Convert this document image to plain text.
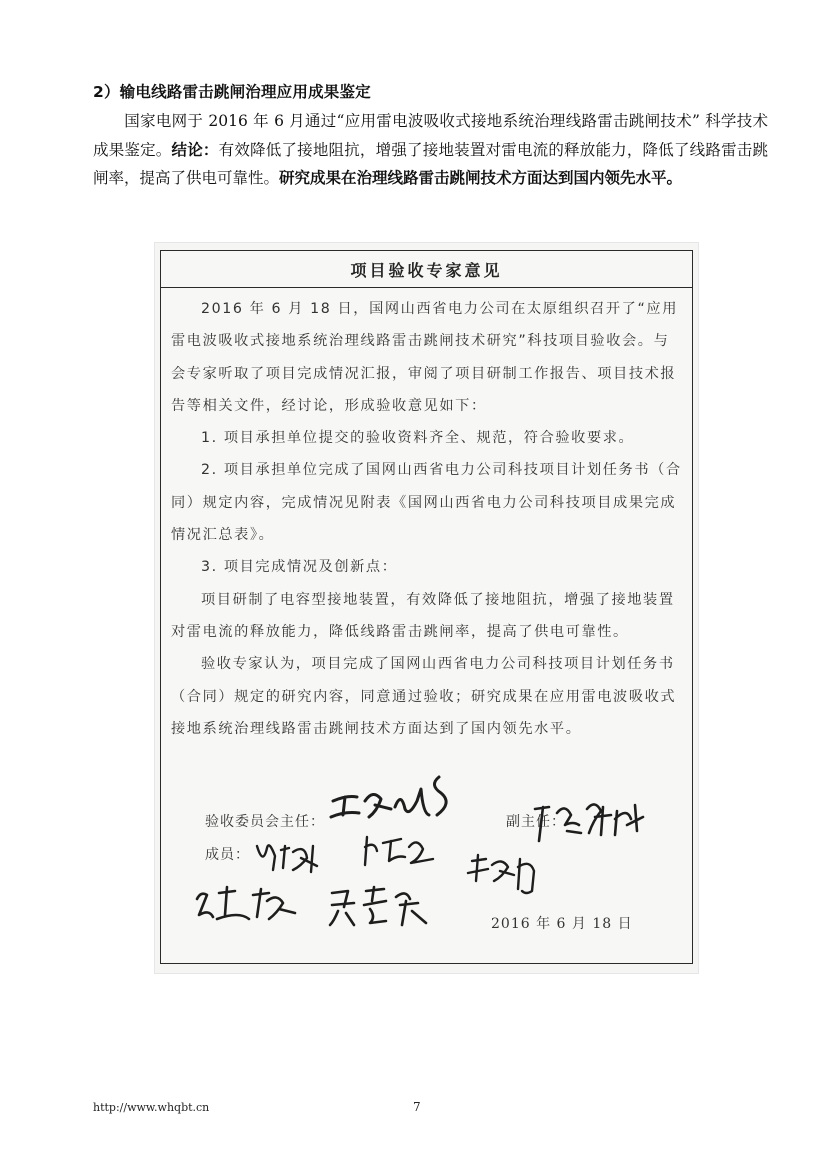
2）输电线路雷击跳闸治理应用成果鉴定
国家电网于 2016 年 6 月通过“应用雷电波吸收式接地系统治理线路雷击跳闸技术” 科学技术成果鉴定。结论：有效降低了接地阻抗，增强了接地装置对雷电流的释放能力，降低了线路雷击跳闸率，提高了供电可靠性。研究成果在治理线路雷击跳闸技术方面达到国内领先水平。
项目验收专家意见

2016 年 6 月 18 日，国网山西省电力公司在太原组织召开了“应用雷电波吸收式接地系统治理线路雷击跳闸技术研究”科技项目验收会。与会专家听取了项目完成情况汇报，审阅了项目研制工作报告、项目技术报告等相关文件，经讨论，形成验收意见如下：

1. 项目承担单位提交的验收资料齐全、规范，符合验收要求。

2. 项目承担单位完成了国网山西省电力公司科技项目计划任务书（合同）规定内容，完成情况见附表《国网山西省电力公司科技项目成果完成情况汇总表》。

3. 项目完成情况及创新点：

项目研制了电容型接地装置，有效降低了接地阻抗，增强了接地装置对雷电流的释放能力，降低线路雷击跳闸率，提高了供电可靠性。

验收专家认为，项目完成了国网山西省电力公司科技项目计划任务书（合同）规定的研究内容，同意通过验收；研究成果在应用雷电波吸收式接地系统治理线路雷击跳闸技术方面达到了国内领先水平。

验收委员会主任：	副主任：
成员：
2016 年 6 月 18 日
http://www.whqbt.cn	7
